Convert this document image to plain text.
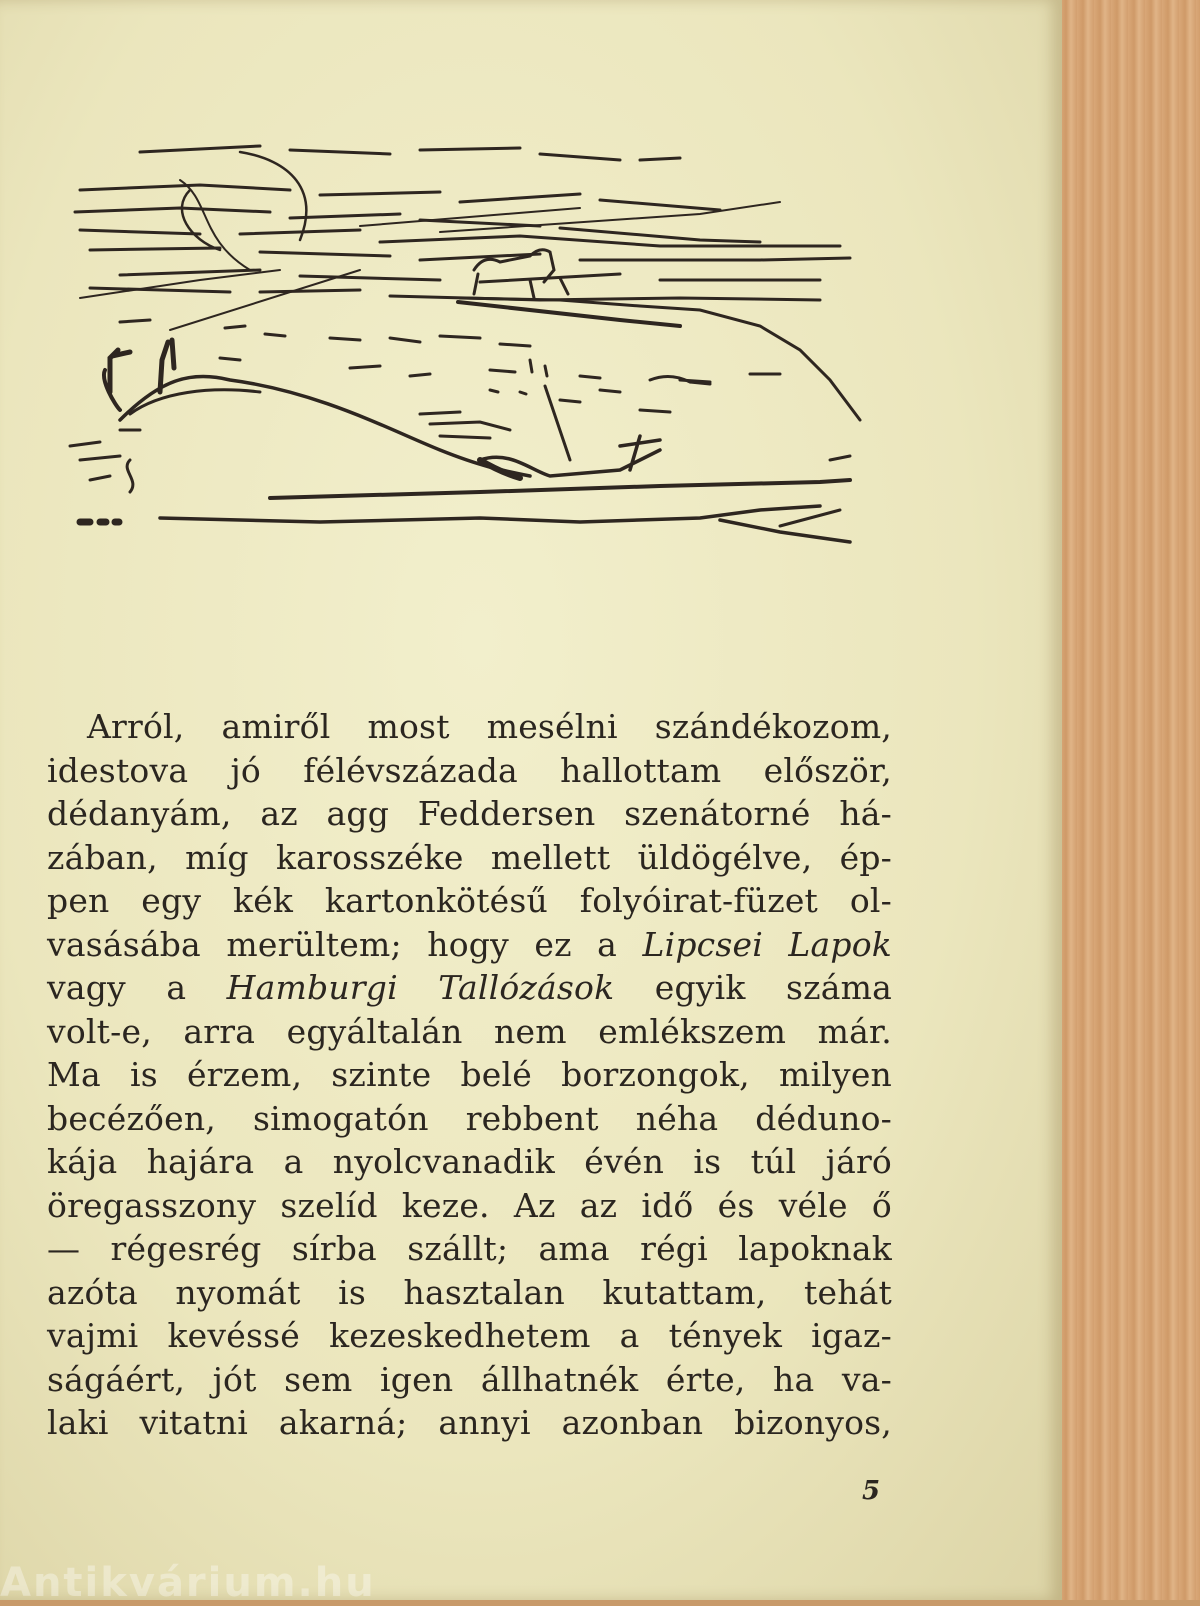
Arról, amiről most mesélni szándékozom,
idestova jó félévszázada hallottam először,
dédanyám, az agg Feddersen szenátorné há-
zában, míg karosszéke mellett üldögélve, ép-
pen egy kék kartonkötésű folyóirat-füzet ol-
vasásába merültem; hogy ez a Lipcsei Lapok
vagy a Hamburgi Tallózások egyik száma
volt-e, arra egyáltalán nem emlékszem már.
Ma is érzem, szinte belé borzongok, milyen
becézően, simogatón rebbent néha déduno-
kája hajára a nyolcvanadik évén is túl járó
öregasszony szelíd keze. Az az idő és véle ő
— régesrég sírba szállt; ama régi lapoknak
azóta nyomát is hasztalan kutattam, tehát
vajmi kevéssé kezeskedhetem a tények igaz-
ságáért, jót sem igen állhatnék érte, ha va-
laki vitatni akarná; annyi azonban bizonyos,
5
Antikvárium.hu
